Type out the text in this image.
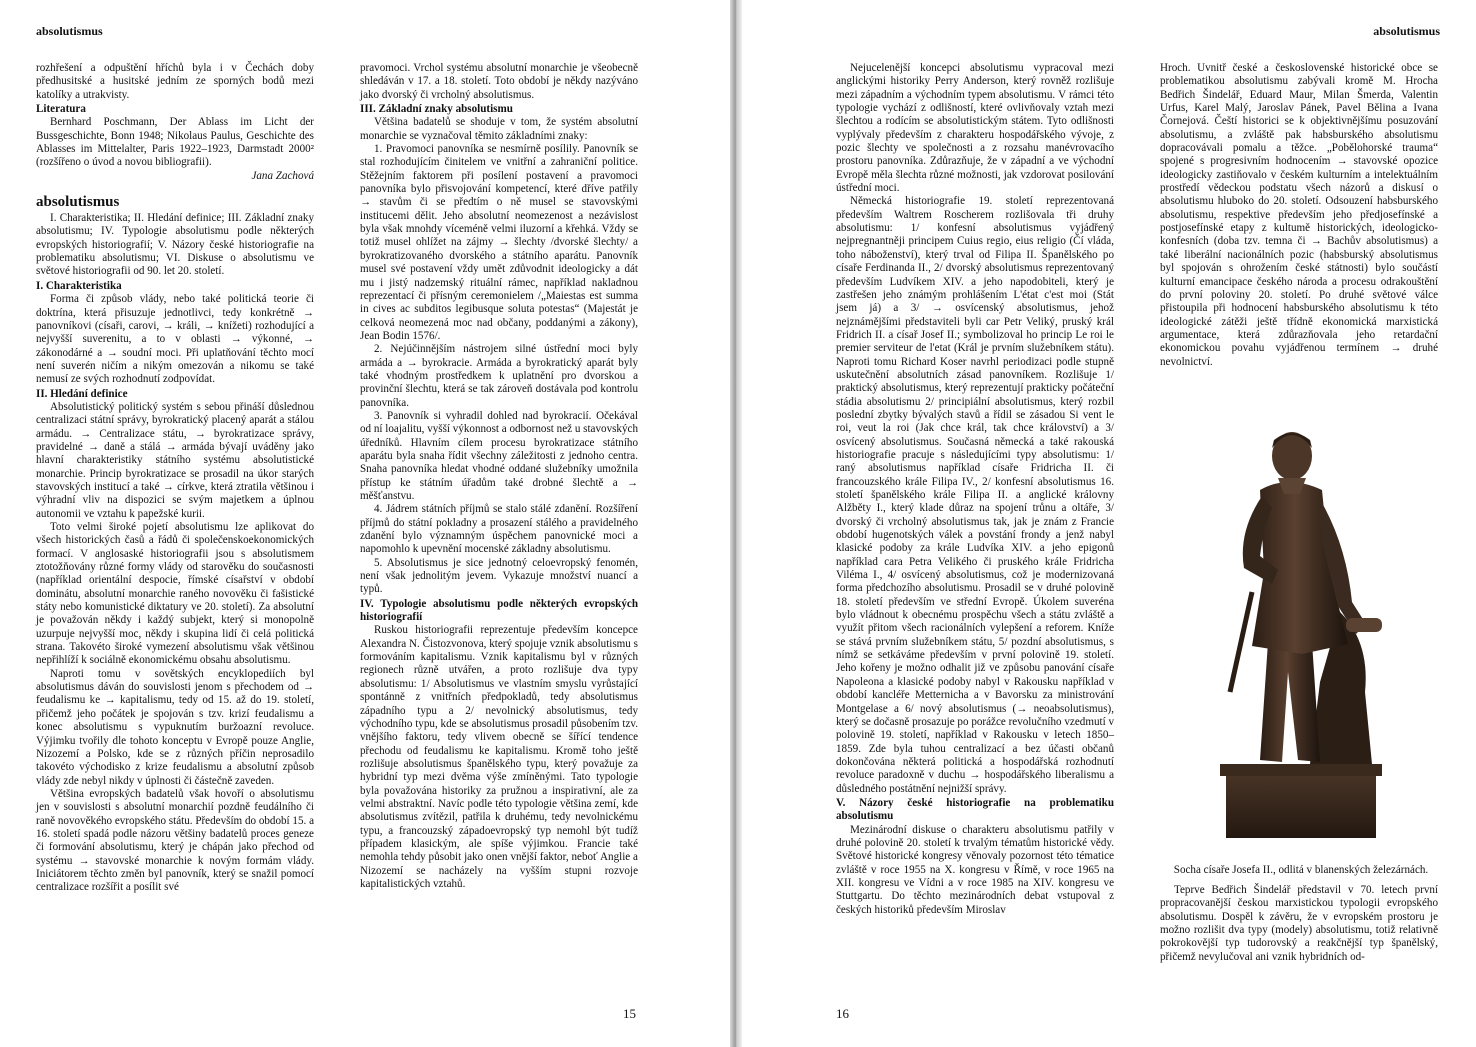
absolutismus

rozhřešení a odpuštění hříchů byla i v Čechách doby předhusitské a husitské jedním ze sporných bodů mezi katolíky a utrakvisty.

Literatura

Bernhard Poschmann, Der Ablass im Licht der Bussgeschichte, Bonn 1948; Nikolaus Paulus, Geschichte des Ablasses im Mittelalter, Paris 1922–1923, Darmstadt 2000² (rozšířeno o úvod a novou bibliografii).

Jana Zachová

absolutismus

I. Charakteristika; II. Hledání definice; III. Základní znaky absolutismu; IV. Typologie absolutismu podle některých evropských historiografií; V. Názory české historiografie na problematiku absolutismu; VI. Diskuse o absolutismu ve světové historiografii od 90. let 20. století.

I. Charakteristika

Forma či způsob vlády, nebo také politická teorie či doktrína, která přisuzuje jednotlivci, tedy konkrétně → panovníkovi (císaři, carovi, → králi, → knížeti) rozhodující a nejvyšší suverenitu, a to v oblasti → výkonné, → zákonodárné a → soudní moci. Při uplatňování těchto mocí není suverén ničím a nikým omezován a nikomu se také nemusí ze svých rozhodnutí zodpovídat.

II. Hledání definice

Absolutistický politický systém s sebou přináší důslednou centralizaci státní správy, byrokratický placený aparát a stálou armádu. → Centralizace státu, → byrokratizace správy, pravidelné → daně a stálá → armáda bývají uváděny jako hlavní charakteristiky státního systému absolutistické monarchie. Princip byrokratizace se prosadil na úkor starých stavovských institucí a také → církve, která ztratila většinou i výhradní vliv na dispozici se svým majetkem a úplnou autonomii ve vztahu k papežské kurii.

Toto velmi široké pojetí absolutismu lze aplikovat do všech historických časů a řádů či společenskoekonomických formací. V anglosaské historiografii jsou s absolutismem ztotožňovány různé formy vlády od starověku do současnosti (například orientální despocie, římské císařství v období dominátu, absolutní monarchie raného novověku či fašistické státy nebo komunistické diktatury ve 20. století). Za absolutní je považován někdy i každý subjekt, který si monopolně uzurpuje nejvyšší moc, někdy i skupina lidí či celá politická strana. Takovéto široké vymezení absolutismu však většinou nepřihlíží k sociálně ekonomickému obsahu absolutismu.

Naproti tomu v sovětských encyklopediích byl absolutismus dáván do souvislosti jenom s přechodem od → feudalismu ke → kapitalismu, tedy od 15. až do 19. století, přičemž jeho počátek je spojován s tzv. krizí feudalismu a konec absolutismu s vypuknutím buržoazní revoluce. Výjimku tvořily dle tohoto konceptu v Evropě pouze Anglie, Nizozemí a Polsko, kde se z různých příčin neprosadilo takovéto východisko z krize feudalismu a absolutní způsob vlády zde nebyl nikdy v úplnosti či částečně zaveden.

Většina evropských badatelů však hovoří o absolutismu jen v souvislosti s absolutní monarchií pozdně feudálního či raně novověkého evropského státu. Především do období 15. a 16. století spadá podle názoru většiny badatelů proces geneze či formování absolutismu, který je chápán jako přechod od systému → stavovské monarchie k novým formám vlády. Iniciátorem těchto změn byl panovník, který se snažil pomocí centralizace rozšířit a posílit své

pravomoci. Vrchol systému absolutní monarchie je všeobecně shledáván v 17. a 18. století. Toto období je někdy nazýváno jako dvorský či vrcholný absolutismus.

III. Základní znaky absolutismu

Většina badatelů se shoduje v tom, že systém absolutní monarchie se vyznačoval těmito základními znaky:

1. Pravomoci panovníka se nesmírně posílily. Panovník se stal rozhodujícím činitelem ve vnitřní a zahraniční politice. Stěžejním faktorem při posílení postavení a pravomoci panovníka bylo přisvojování kompetencí, které dříve patřily → stavům či se předtím o ně musel se stavovskými institucemi dělit. Jeho absolutní neomezenost a nezávislost byla však mnohdy víceméně velmi iluzorní a křehká. Vždy se totiž musel ohlížet na zájmy → šlechty /dvorské šlechty/ a byrokratizovaného dvorského a státního aparátu. Panovník musel své postavení vždy umět zdůvodnit ideologicky a dát mu i jistý nadzemský rituální rámec, například nakladnou reprezentací či přísným ceremonielem /„Maiestas est summa in cives ac subditos legibusque soluta potestas“ (Majestát je celková neomezená moc nad občany, poddanými a zákony), Jean Bodin 1576/.

2. Nejúčinnějším nástrojem silné ústřední moci byly armáda a → byrokracie. Armáda a byrokratický aparát byly také vhodným prostředkem k uplatnění pro dvorskou a provinční šlechtu, která se tak zároveň dostávala pod kontrolu panovníka.

3. Panovník si vyhradil dohled nad byrokracií. Očekával od ní loajalitu, vyšší výkonnost a odbornost než u stavovských úředníků. Hlavním cílem procesu byrokratizace státního aparátu byla snaha řídit všechny záležitosti z jednoho centra. Snaha panovníka hledat vhodné oddané služebníky umožnila přístup ke státním úřadům také drobné šlechtě a → měšťanstvu.

4. Jádrem státních příjmů se stalo stálé zdanění. Rozšíření příjmů do státní pokladny a prosazení stálého a pravidelného zdanění bylo významným úspěchem panovnické moci a napomohlo k upevnění mocenské základny absolutismu.

5. Absolutismus je sice jednotný celoevropský fenomén, není však jednolitým jevem. Vykazuje množství nuancí a typů.

IV. Typologie absolutismu podle některých evropských historiografií

Ruskou historiografii reprezentuje především koncepce Alexandra N. Čistozvonova, který spojuje vznik absolutismu s formováním kapitalismu. Vznik kapitalismu byl v různých regionech různě utvářen, a proto rozlišuje dva typy absolutismu: 1/ Absolutismus ve vlastním smyslu vyrůstající spontánně z vnitřních předpokladů, tedy absolutismus západního typu a 2/ nevolnický absolutismus, tedy východního typu, kde se absolutismus prosadil působením tzv. vnějšího faktoru, tedy vlivem obecně se šířící tendence přechodu od feudalismu ke kapitalismu. Kromě toho ještě rozlišuje absolutismus španělského typu, který považuje za hybridní typ mezi dvěma výše zmíněnými. Tato typologie byla považována historiky za pružnou a inspirativní, ale za velmi abstraktní. Navíc podle této typologie většina zemí, kde absolutismus zvítězil, patřila k druhému, tedy nevolnickému typu, a francouzský západoevropský typ nemohl být tudíž případem klasickým, ale spíše výjimkou. Francie také nemohla tehdy působit jako onen vnější faktor, neboť Anglie a Nizozemí se nacházely na vyšším stupni rozvoje kapitalistických vztahů.

15
absolutismus

Nejucelenější koncepci absolutismu vypracoval mezi anglickými historiky Perry Anderson, který rovněž rozlišuje mezi západním a východním typem absolutismu. V rámci této typologie vychází z odlišností, které ovlivňovaly vztah mezi šlechtou a rodícím se absolutistickým státem. Tyto odlišnosti vyplývaly především z charakteru hospodářského vývoje, z pozic šlechty ve společnosti a z rozsahu manévrovacího prostoru panovníka. Zdůrazňuje, že v západní a ve východní Evropě měla šlechta různé možnosti, jak vzdorovat posilování ústřední moci.

Německá historiografie 19. století reprezentovaná především Waltrem Roscherem rozlišovala tři druhy absolutismu: 1/ konfesní absolutismus vyjádřený nejpregnantněji principem Cuius regio, eius religio (Čí vláda, toho náboženství), který trval od Filipa II. Španělského po císaře Ferdinanda II., 2/ dvorský absolutismus reprezentovaný především Ludvíkem XIV. a jeho napodobiteli, který je zastřešen jeho známým prohlášením L'état c'est moi (Stát jsem já) a 3/ → osvícenský absolutismus, jehož nejznámějšími představiteli byli car Petr Veliký, pruský král Fridrich II. a císař Josef II.; symbolizoval ho princip Le roi le premier serviteur de l'etat (Král je prvním služebníkem státu). Naproti tomu Richard Koser navrhl periodizaci podle stupně uskutečnění absolutních zásad panovníkem. Rozlišuje 1/ praktický absolutismus, který reprezentují prakticky počáteční stádia absolutismu 2/ principiální absolutismus, který rozbil poslední zbytky bývalých stavů a řídil se zásadou Si vent le roi, veut la roi (Jak chce král, tak chce království) a 3/ osvícený absolutismus. Současná německá a také rakouská historiografie pracuje s následujícími typy absolutismu: 1/ raný absolutismus například císaře Fridricha II. či francouzského krále Filipa IV., 2/ konfesní absolutismus 16. století španělského krále Filipa II. a anglické královny Alžběty I., který klade důraz na spojení trůnu a oltáře, 3/ dvorský či vrcholný absolutismus tak, jak je znám z Francie období hugenotských válek a povstání frondy a jenž nabyl klasické podoby za krále Ludvíka XIV. a jeho epigonů například cara Petra Velikého či pruského krále Fridricha Viléma I., 4/ osvícený absolutismus, což je modernizovaná forma předchozího absolutismu. Prosadil se v druhé polovině 18. století především ve střední Evropě. Úkolem suveréna bylo vládnout k obecnému prospěchu všech a státu zvláště a využít přitom všech racionálních vylepšení a reforem. Kníže se stává prvním služebníkem státu, 5/ pozdní absolutismus, s nímž se setkáváme především v první polovině 19. století. Jeho kořeny je možno odhalit již ve způsobu panování císaře Napoleona a klasické podoby nabyl v Rakousku například v období kancléře Metternicha a v Bavorsku za ministrování Montgelase a 6/ nový absolutismus (→ neoabsolutismus), který se dočasně prosazuje po porážce revolučního vzedmutí v polovině 19. století, například v Rakousku v letech 1850–1859. Zde byla tuhou centralizací a bez účasti občanů dokončována některá politická a hospodářská rozhodnutí revoluce paradoxně v duchu → hospodářského liberalismu a důsledného postátnění nejnižší správy.

V. Názory české historiografie na problematiku absolutismu

Mezinárodní diskuse o charakteru absolutismu patřily v druhé polovině 20. století k trvalým tématům historické vědy. Světové historické kongresy věnovaly pozornost této tématice zvláště v roce 1955 na X. kongresu v Římě, v roce 1965 na XII. kongresu ve Vídni a v roce 1985 na XIV. kongresu ve Stuttgartu. Do těchto mezinárodních debat vstupoval z českých historiků především Miroslav

Hroch. Uvnitř české a československé historické obce se problematikou absolutismu zabývali kromě M. Hrocha Bedřich Šindelář, Eduard Maur, Milan Šmerda, Valentin Urfus, Karel Malý, Jaroslav Pánek, Pavel Bělina a Ivana Čornejová. Čeští historici se k objektivnějšímu posuzování absolutismu, a zvláště pak habsburského absolutismu dopracovávali pomalu a těžce. „Pobělohorské trauma“ spojené s progresivním hodnocením → stavovské opozice ideologicky zastiňovalo v českém kulturním a intelektuálním prostředí vědeckou podstatu všech názorů a diskusí o absolutismu hluboko do 20. století. Odsouzení habsburského absolutismu, respektive především jeho předjosefínské a postjosefínské etapy z kultumě historických, ideologicko-konfesních (doba tzv. temna či → Bachův absolutismus) a také liberální nacionálních pozic (habsburský absolutismus byl spojován s ohrožením české státnosti) bylo součástí kulturní emancipace českého národa a procesu odrakouštění do první poloviny 20. století. Po druhé světové válce přistoupila při hodnocení habsburského absolutismu k této ideologické zátěži ještě třídně ekonomická marxistická argumentace, která zdůrazňovala jeho retardační ekonomickou povahu vyjádřenou termínem → druhé nevolnictví.

Socha císaře Josefa II., odlitá v blanenských železárnách.

Teprve Bedřich Šindelář představil v 70. letech první propracovanější českou marxistickou typologii evropského absolutismu. Dospěl k závěru, že v evropském prostoru je možno rozlišit dva typy (modely) absolutismu, totiž relativně pokrokovější typ tudorovský a reakčnější typ španělský, přičemž nevylučoval ani vznik hybridních od-

16
